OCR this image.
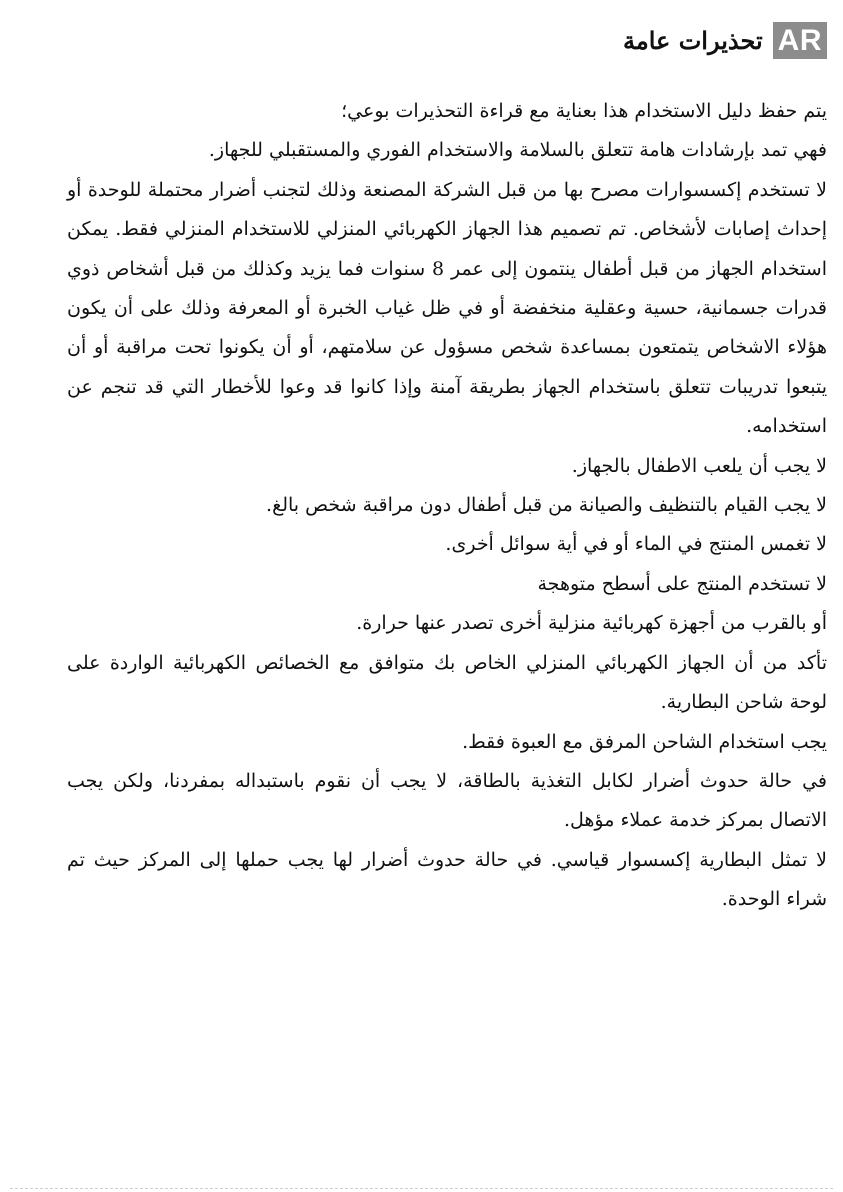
AR
تحذيرات عامة

يتم حفظ دليل الاستخدام هذا بعناية مع قراءة التحذيرات بوعي؛

فهي تمد بإرشادات هامة تتعلق بالسلامة والاستخدام الفوري والمستقبلي للجهاز.

لا تستخدم إكسسوارات مصرح بها من قبل الشركة المصنعة وذلك لتجنب أضرار محتملة للوحدة أو إحداث إصابات لأشخاص. تم تصميم هذا الجهاز الكهربائي المنزلي للاستخدام المنزلي فقط. يمكن استخدام الجهاز من قبل أطفال ينتمون إلى عمر 8 سنوات فما يزيد وكذلك من قبل أشخاص ذوي قدرات جسمانية، حسية وعقلية منخفضة أو في ظل غياب الخبرة أو المعرفة وذلك على أن يكون هؤلاء الاشخاص يتمتعون بمساعدة شخص مسؤول عن سلامتهم، أو أن يكونوا تحت مراقبة أو أن يتبعوا تدريبات تتعلق باستخدام الجهاز بطريقة آمنة وإذا كانوا قد وعوا للأخطار التي قد تنجم عن استخدامه.

لا يجب أن يلعب الاطفال بالجهاز.

لا يجب القيام بالتنظيف والصيانة من قبل أطفال دون مراقبة شخص بالغ.

لا تغمس المنتج في الماء أو في أية سوائل أخرى.

لا تستخدم المنتج على أسطح متوهجة

أو بالقرب من أجهزة كهربائية منزلية أخرى تصدر عنها حرارة.

تأكد من أن الجهاز الكهربائي المنزلي الخاص بك متوافق مع الخصائص الكهربائية الواردة على لوحة شاحن البطارية.

يجب استخدام الشاحن المرفق مع العبوة فقط.

في حالة حدوث أضرار لكابل التغذية بالطاقة، لا يجب أن نقوم باستبداله بمفردنا، ولكن يجب الاتصال بمركز خدمة عملاء مؤهل.

لا تمثل البطارية إكسسوار قياسي. في حالة حدوث أضرار لها يجب حملها إلى المركز حيث تم شراء الوحدة.
